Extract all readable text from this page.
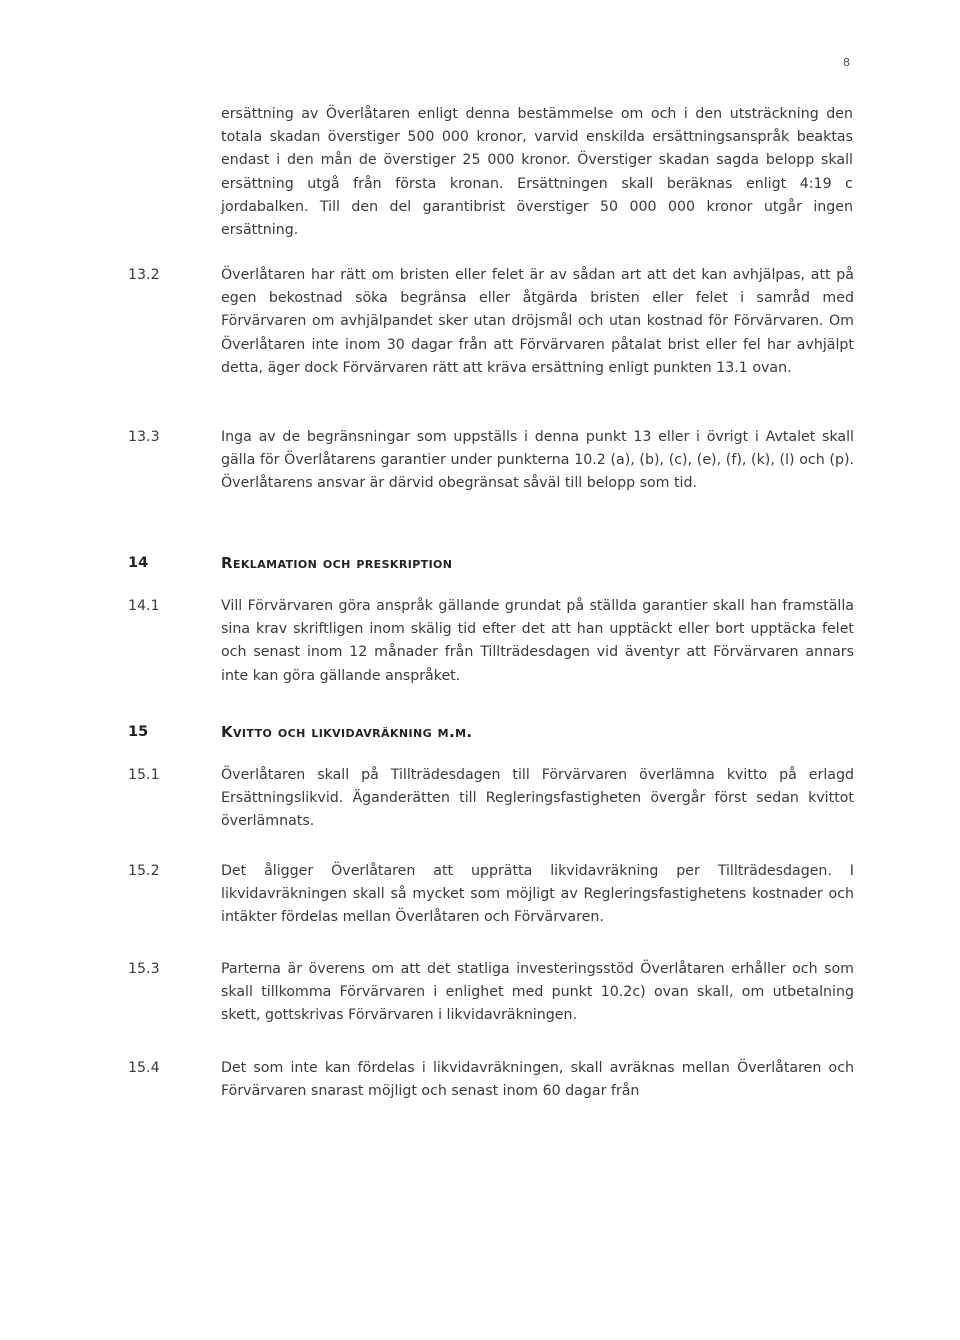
8
ersättning av Överlåtaren enligt denna bestämmelse om och i den utsträckning den totala skadan överstiger 500 000 kronor, varvid enskilda ersättningsanspråk beaktas endast i den mån de överstiger 25 000 kronor. Överstiger skadan sagda belopp skall ersättning utgå från första kronan. Ersättningen skall beräknas enligt 4:19 c jordabalken. Till den del garantibrist överstiger 50 000 000 kronor utgår ingen ersättning.
13.2	Överlåtaren har rätt om bristen eller felet är av sådan art att det kan avhjälpas, att på egen bekostnad söka begränsa eller åtgärda bristen eller felet i samråd med Förvärvaren om avhjälpandet sker utan dröjsmål och utan kostnad för Förvärvaren. Om Överlåtaren inte inom 30 dagar från att Förvärvaren påtalat brist eller fel har avhjälpt detta, äger dock Förvärvaren rätt att kräva ersättning enligt punkten 13.1 ovan.
13.3	Inga av de begränsningar som uppställs i denna punkt 13 eller i övrigt i Avtalet skall gälla för Överlåtarens garantier under punkterna 10.2 (a), (b), (c), (e), (f), (k), (l) och (p). Överlåtarens ansvar är därvid obegränsat såväl till belopp som tid.
14	Reklamation och preskription
14.1	Vill Förvärvaren göra anspråk gällande grundat på ställda garantier skall han framställa sina krav skriftligen inom skälig tid efter det att han upptäckt eller bort upptäcka felet och senast inom 12 månader från Tillträdesdagen vid äventyr att Förvärvaren annars inte kan göra gällande anspråket.
15	Kvitto och likvidavräkning m.m.
15.1	Överlåtaren skall på Tillträdesdagen till Förvärvaren överlämna kvitto på erlagd Ersättningslikvid. Äganderätten till Regleringsfastigheten övergår först sedan kvittot överlämnats.
15.2	Det åligger Överlåtaren att upprätta likvidavräkning per Tillträdesdagen. I likvidavräkningen skall så mycket som möjligt av Regleringsfastighetens kostnader och intäkter fördelas mellan Överlåtaren och Förvärvaren.
15.3	Parterna är överens om att det statliga investeringsstöd Överlåtaren erhåller och som skall tillkomma Förvärvaren i enlighet med punkt 10.2c) ovan skall, om utbetalning skett, gottskrivas Förvärvaren i likvidavräkningen.
15.4	Det som inte kan fördelas i likvidavräkningen, skall avräknas mellan Överlåtaren och Förvärvaren snarast möjligt och senast inom 60 dagar från
